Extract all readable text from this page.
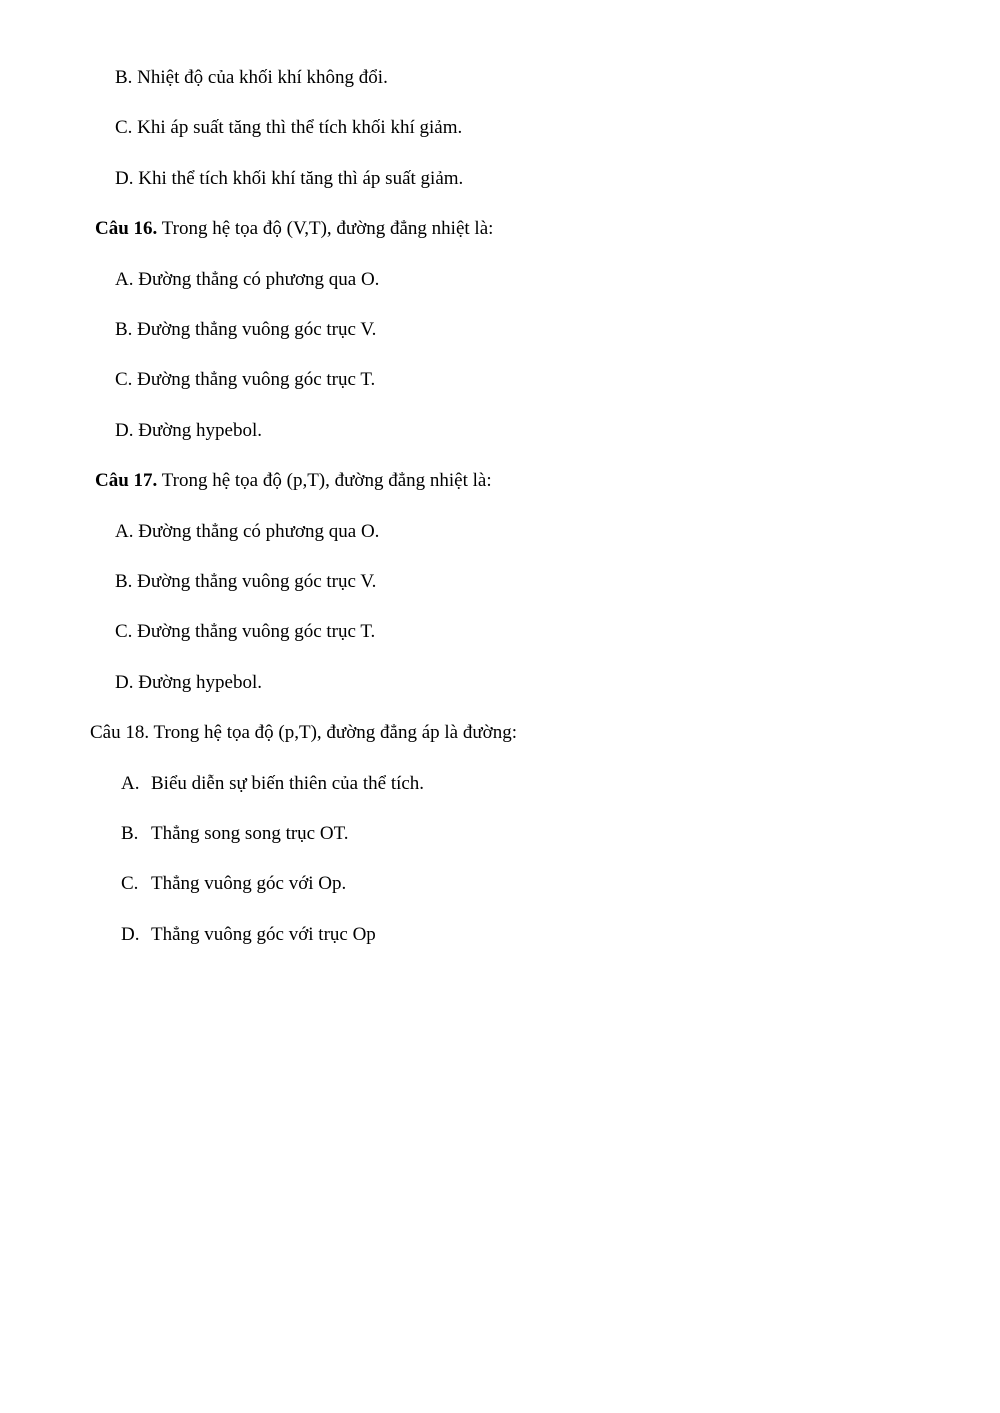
B. Nhiệt độ của khối khí không đổi.
C. Khi áp suất tăng thì thể tích khối khí giảm.
D. Khi thể tích khối khí tăng thì áp suất giảm.
Câu 16. Trong hệ tọa độ (V,T), đường đẳng nhiệt là:
A. Đường thẳng có phương qua O.
B. Đường thẳng vuông góc trục V.
C. Đường thẳng vuông góc trục T.
D. Đường hypebol.
Câu 17. Trong hệ tọa độ (p,T), đường đẳng nhiệt là:
A. Đường thẳng có phương qua O.
B. Đường thẳng vuông góc trục V.
C. Đường thẳng vuông góc trục T.
D. Đường hypebol.
Câu 18. Trong hệ tọa độ (p,T), đường đẳng áp là đường:
A. Biểu diễn sự biến thiên của thể tích.
B. Thẳng song song trục OT.
C. Thẳng vuông góc với Op.
D. Thẳng vuông góc với trục Op
